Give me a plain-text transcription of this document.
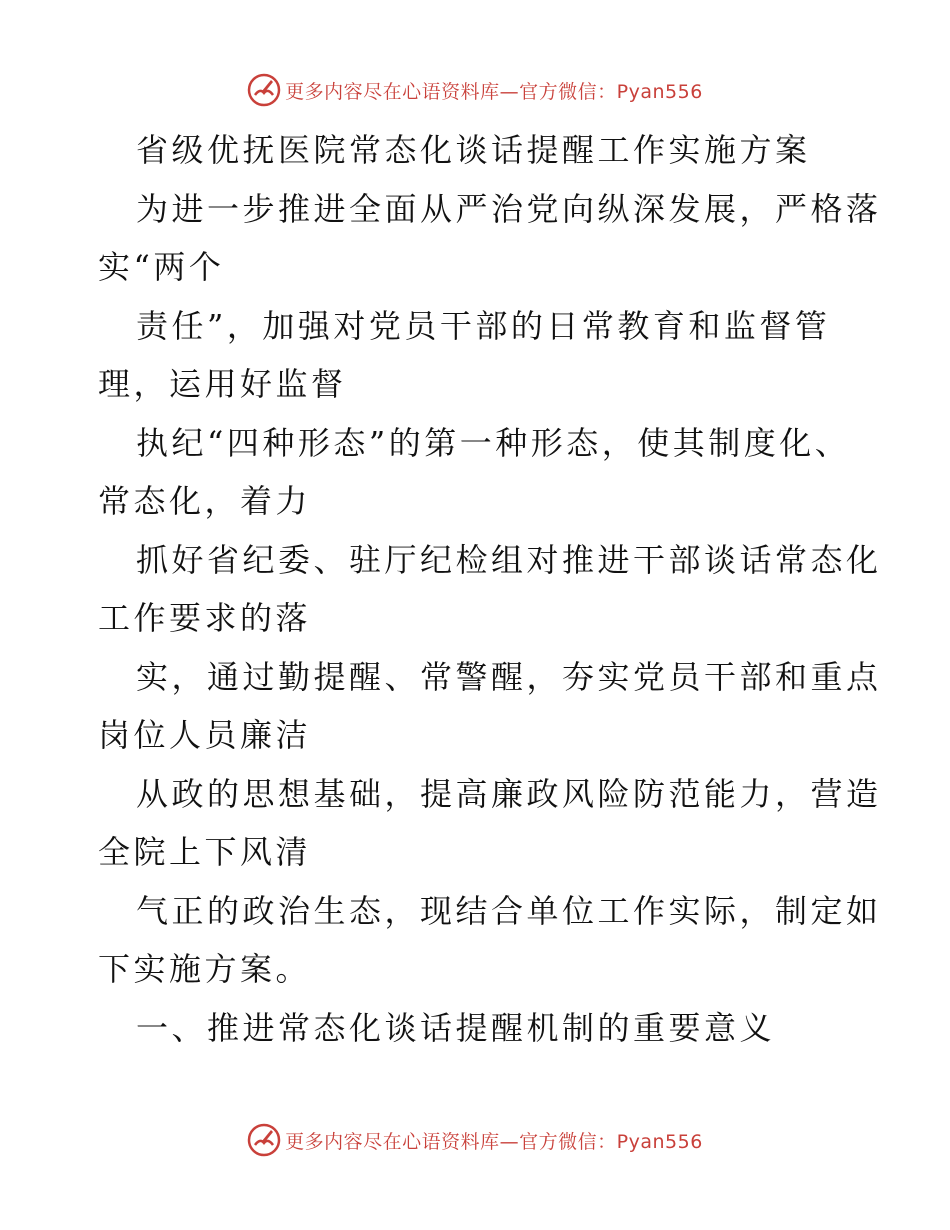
更多内容尽在心语资料库—官方微信：Pyan556
省级优抚医院常态化谈话提醒工作实施方案
为进一步推进全面从严治党向纵深发展，严格落
实“两个
责任”，加强对党员干部的日常教育和监督管
理，运用好监督
执纪“四种形态”的第一种形态，使其制度化、
常态化，着力
抓好省纪委、驻厅纪检组对推进干部谈话常态化
工作要求的落
实，通过勤提醒、常警醒，夯实党员干部和重点
岗位人员廉洁
从政的思想基础，提高廉政风险防范能力，营造
全院上下风清
气正的政治生态，现结合单位工作实际，制定如
下实施方案。
一、推进常态化谈话提醒机制的重要意义
更多内容尽在心语资料库—官方微信：Pyan556
